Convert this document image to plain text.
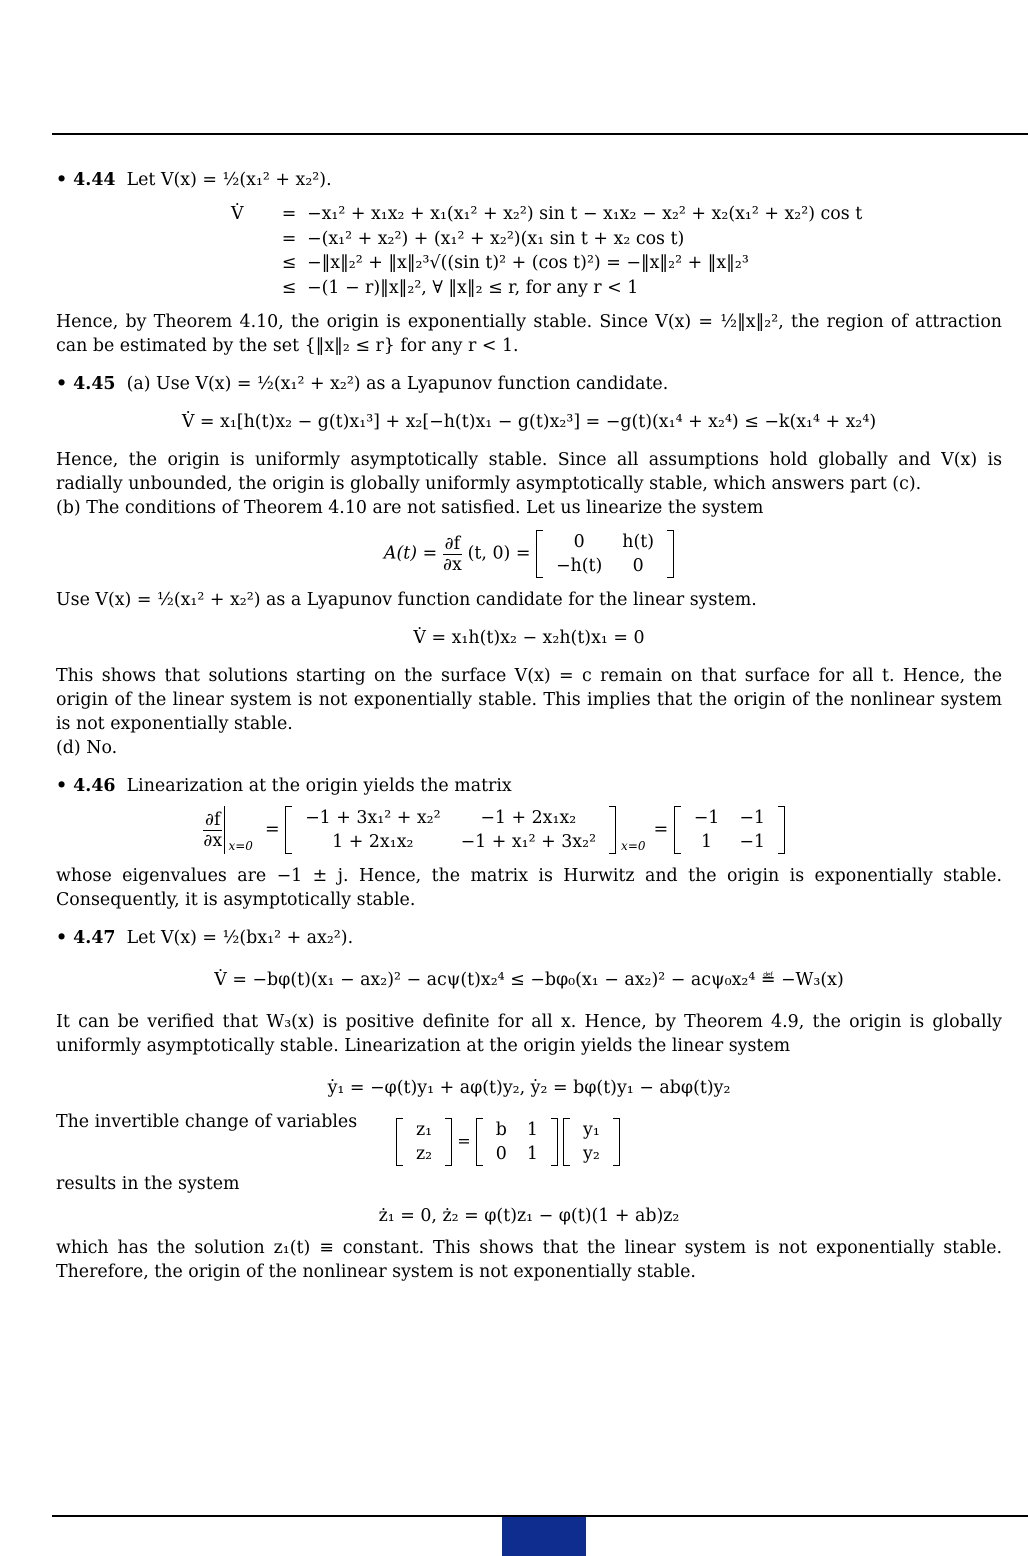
• 4.44 Let V(x) = ½(x₁² + x₂²).

V̇	= −x₁² + x₁x₂ + x₁(x₁² + x₂²) sin t − x₁x₂ − x₂² + x₂(x₁² + x₂²) cos t
= −(x₁² + x₂²) + (x₁² + x₂²)(x₁ sin t + x₂ cos t)
≤ −‖x‖₂² + ‖x‖₂³√((sin t)² + (cos t)²) = −‖x‖₂² + ‖x‖₂³
≤ −(1 − r)‖x‖₂², ∀ ‖x‖₂ ≤ r, for any r < 1

Hence, by Theorem 4.10, the origin is exponentially stable. Since V(x) = ½‖x‖₂², the region of attraction can be estimated by the set {‖x‖₂ ≤ r} for any r < 1.

• 4.45 (a) Use V(x) = ½(x₁² + x₂²) as a Lyapunov function candidate.

V̇ = x₁[h(t)x₂ − g(t)x₁³] + x₂[−h(t)x₁ − g(t)x₂³] = −g(t)(x₁⁴ + x₂⁴) ≤ −k(x₁⁴ + x₂⁴)

Hence, the origin is uniformly asymptotically stable. Since all assumptions hold globally and V(x) is radially unbounded, the origin is globally uniformly asymptotically stable, which answers part (c).

(b) The conditions of Theorem 4.10 are not satisfied. Let us linearize the system

$A(t) = \frac{\partial f}{\partial x} (t$, 0) =
0	h(t)
−h(t)	0

Use V(x) = ½(x₁² + x₂²) as a Lyapunov function candidate for the linear system.

V̇ = x₁h(t)x₂ − x₂h(t)x₁ = 0

This shows that solutions starting on the surface V(x) = c remain on that surface for all t. Hence, the origin of the linear system is not exponentially stable. This implies that the origin of the nonlinear system is not exponentially stable.

(d) No.

• 4.46 Linearization at the origin yields the matrix

$\frac{\partial f}{\partial x} x=0$
=
−1 + 3x₁² + x₂²	−1 + 2x₁x₂
1 + 2x₁x₂	−1 + x₁² + 3x₂² x=0
=
−1	−1
1	−1

whose eigenvalues are −1 ± j. Hence, the matrix is Hurwitz and the origin is exponentially stable. Consequently, it is asymptotically stable.

• 4.47 Let V(x) = ½(bx₁² + ax₂²).

V̇ = −bφ(t)(x₁ − ax₂)² − acψ(t)x₂⁴ ≤ −bφ₀(x₁ − ax₂)² − acψ₀x₂⁴ ≝ −W₃(x)

It can be verified that W₃(x) is positive definite for all x. Hence, by Theorem 4.9, the origin is globally uniformly asymptotically stable. Linearization at the origin yields the linear system

ẏ₁ = −φ(t)y₁ + aφ(t)y₂, ẏ₂ = bφ(t)y₁ − abφ(t)y₂

The invertible change of variables	z₁
z₂
=
b	1
0	1

y₁
y₂

results in the system

ż₁ = 0, ż₂ = φ(t)z₁ − φ(t)(1 + ab)z₂

which has the solution z₁(t) ≡ constant. This shows that the linear system is not exponentially stable. Therefore, the origin of the nonlinear system is not exponentially stable.
